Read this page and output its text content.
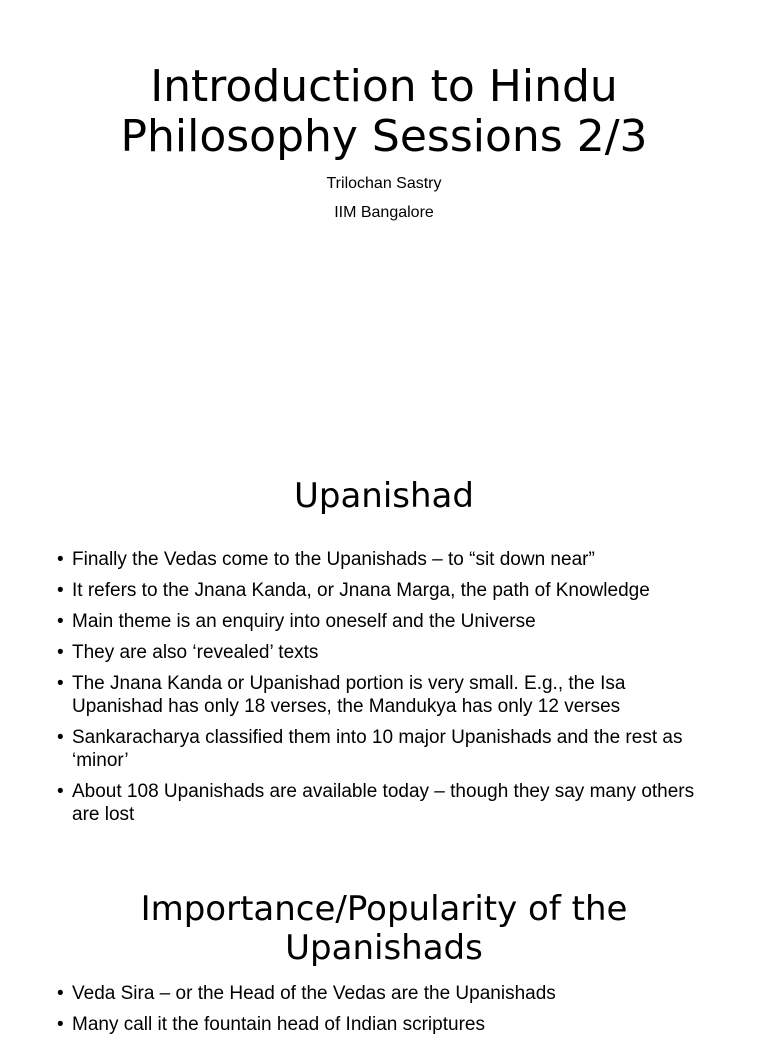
Introduction to Hindu Philosophy Sessions 2/3

Trilochan Sastry

IIM Bangalore

Upanishad
• Finally the Vedas come to the Upanishads – to “sit down near”
• It refers to the Jnana Kanda, or Jnana Marga, the path of Knowledge
• Main theme is an enquiry into oneself and the Universe
• They are also ‘revealed’ texts
• The Jnana Kanda or Upanishad portion is very small. E.g., the Isa Upanishad has only 18 verses, the Mandukya has only 12 verses
• Sankaracharya classified them into 10 major Upanishads and the rest as ‘minor’
• About 108 Upanishads are available today – though they say many others are lost
Importance/Popularity of the Upanishads
• Veda Sira – or the Head of the Vedas are the Upanishads
• Many call it the fountain head of Indian scriptures
